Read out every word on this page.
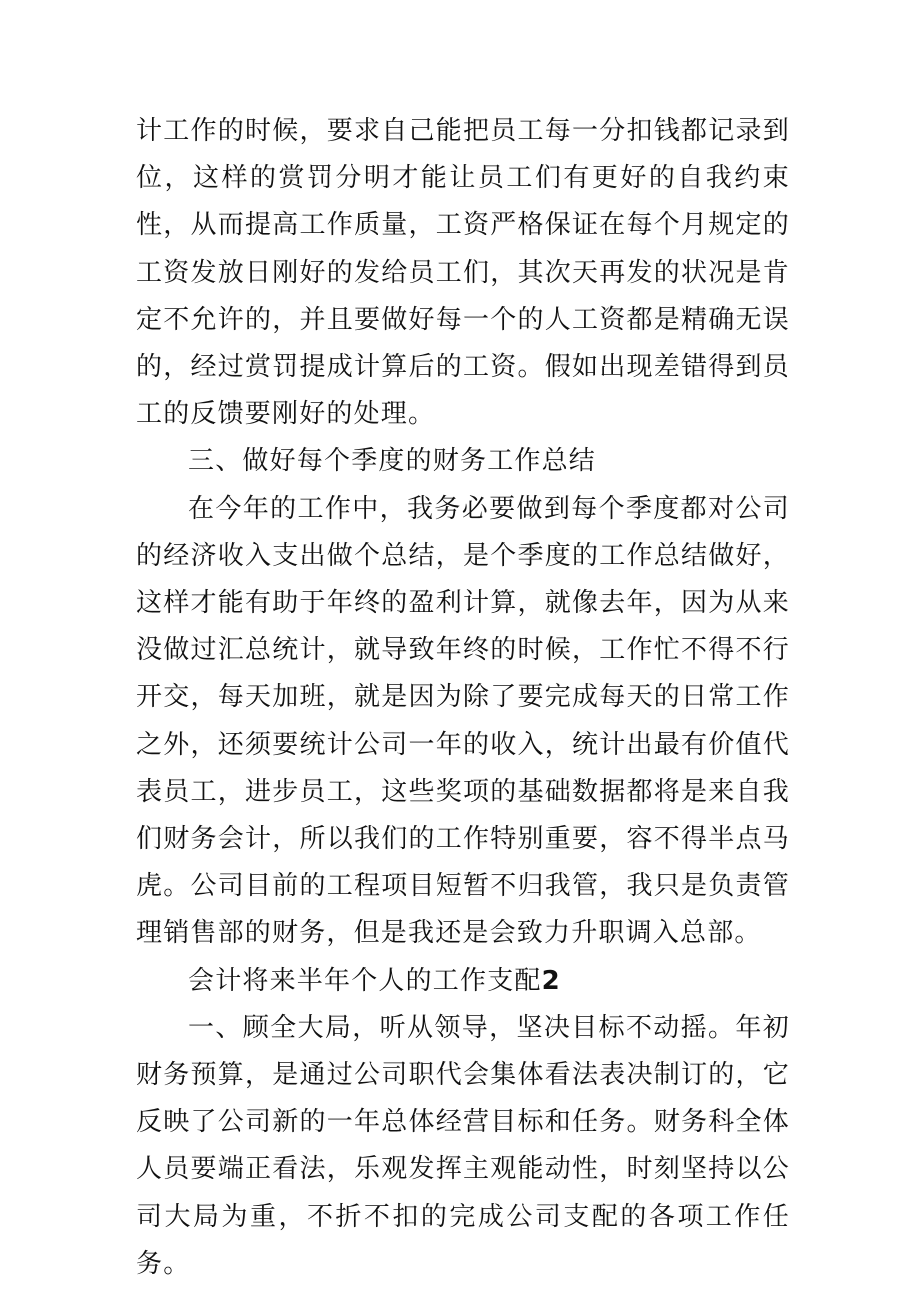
计工作的时候，要求自己能把员工每一分扣钱都记录到位，这样的赏罚分明才能让员工们有更好的自我约束性，从而提高工作质量，工资严格保证在每个月规定的工资发放日刚好的发给员工们，其次天再发的状况是肯定不允许的，并且要做好每一个的人工资都是精确无误的，经过赏罚提成计算后的工资。假如出现差错得到员工的反馈要刚好的处理。

三、做好每个季度的财务工作总结

在今年的工作中，我务必要做到每个季度都对公司的经济收入支出做个总结，是个季度的工作总结做好，这样才能有助于年终的盈利计算，就像去年，因为从来没做过汇总统计，就导致年终的时候，工作忙不得不行开交，每天加班，就是因为除了要完成每天的日常工作之外，还须要统计公司一年的收入，统计出最有价值代表员工，进步员工，这些奖项的基础数据都将是来自我们财务会计，所以我们的工作特别重要，容不得半点马虎。公司目前的工程项目短暂不归我管，我只是负责管理销售部的财务，但是我还是会致力升职调入总部。

会计将来半年个人的工作支配2

一、顾全大局，听从领导，坚决目标不动摇。年初财务预算，是通过公司职代会集体看法表决制订的，它反映了公司新的一年总体经营目标和任务。财务科全体人员要端正看法，乐观发挥主观能动性，时刻坚持以公司大局为重，不折不扣的完成公司支配的各项工作任务。
